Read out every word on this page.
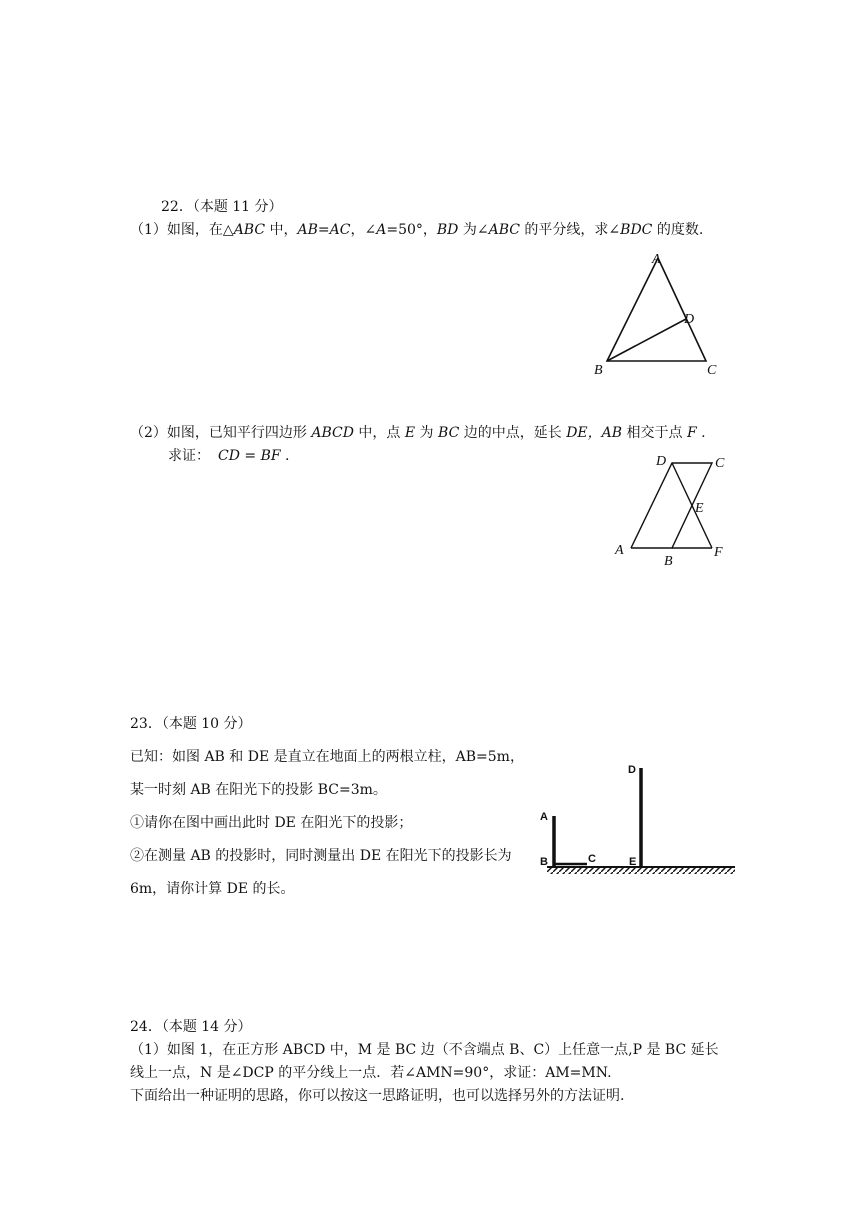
22．（本题 11 分）
（1）如图，在△ABC 中，AB=AC，∠A=50°，BD 为∠ABC 的平分线，求∠BDC 的度数.
A
B	C
D
（2）如图，已知平行四边形 ABCD 中，点 E 为 BC 边的中点，延长 DE，AB 相交于点 F .
求证： CD = BF .	D	C
E
A
B
F
23．（本题 10 分）
已知：如图 AB 和 DE 是直立在地面上的两根立柱，AB=5m，
某一时刻 AB 在阳光下的投影 BC=3m。
①请你在图中画出此时 DE 在阳光下的投影；
②在测量 AB 的投影时，同时测量出 DE 在阳光下的投影长为
6m，请你计算 DE 的长。
A
B	C
D
E
24．（本题 14 分）
（1）如图 1，在正方形 ABCD 中，M 是 BC 边（不含端点 B、C）上任意一点,P 是 BC 延长
线上一点，N 是∠DCP 的平分线上一点．若∠AMN=90°，求证：AM=MN.
下面给出一种证明的思路，你可以按这一思路证明，也可以选择另外的方法证明.
